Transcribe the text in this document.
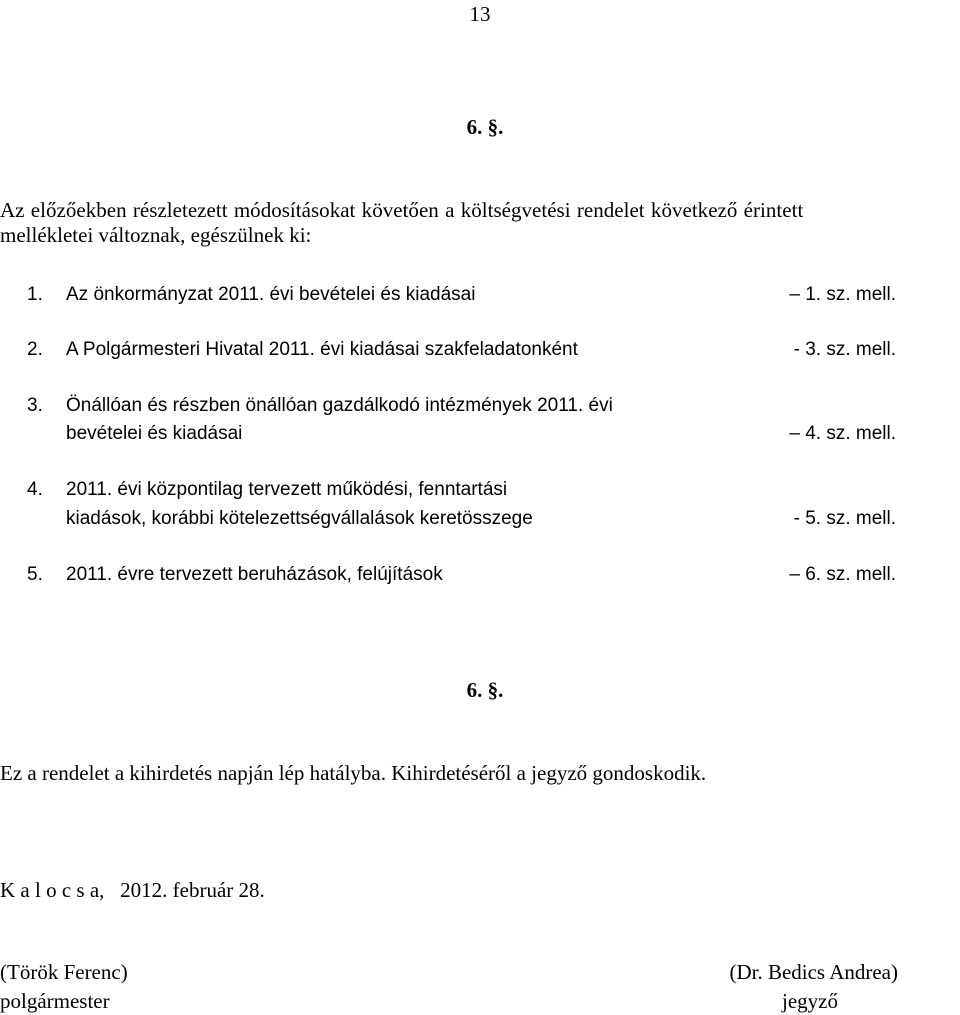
13
6. §.
Az előzőekben részletezett módosításokat követően a költségvetési rendelet következő érintett
mellékletei változnak, egészülnek ki:
1. Az önkormányzat 2011. évi bevételei és kiadásai	– 1. sz. mell.
2. A Polgármesteri Hivatal 2011. évi kiadásai szakfeladatonként	- 3. sz. mell.
3. Önállóan és részben önállóan gazdálkodó intézmények 2011. évi
bevételei és kiadásai	– 4. sz. mell.
4. 2011. évi központilag tervezett működési, fenntartási
kiadások, korábbi kötelezettségvállalások keretösszege	- 5. sz. mell.
5. 2011. évre tervezett beruházások, felújítások	– 6. sz. mell.
6. §.
Ez a rendelet a kihirdetés napján lép hatályba. Kihirdetéséről a jegyző gondoskodik.
K a l o c s a,   2012. február 28.
(Török Ferenc)
polgármester
(Dr. Bedics Andrea)
jegyző
